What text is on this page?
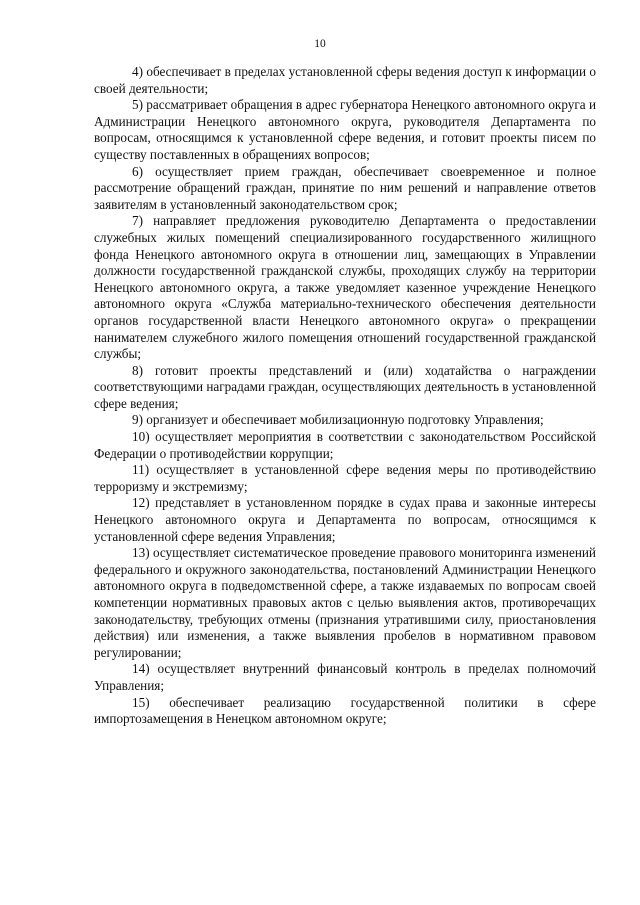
10

4) обеспечивает в пределах установленной сферы ведения доступ к информации о своей деятельности;

5) рассматривает обращения в адрес губернатора Ненецкого автономного округа и Администрации Ненецкого автономного округа, руководителя Департамента по вопросам, относящимся к установленной сфере ведения, и готовит проекты писем по существу поставленных в обращениях вопросов;

6) осуществляет прием граждан, обеспечивает своевременное и полное рассмотрение обращений граждан, принятие по ним решений и направление ответов заявителям в установленный законодательством срок;

7) направляет предложения руководителю Департамента о предоставлении служебных жилых помещений специализированного государственного жилищного фонда Ненецкого автономного округа в отношении лиц, замещающих в Управлении должности государственной гражданской службы, проходящих службу на территории Ненецкого автономного округа, а также уведомляет казенное учреждение Ненецкого автономного округа «Служба материально-технического обеспечения деятельности органов государственной власти Ненецкого автономного округа» о прекращении нанимателем служебного жилого помещения отношений государственной гражданской службы;

8) готовит проекты представлений и (или) ходатайства о награждении соответствующими наградами граждан, осуществляющих деятельность в установленной сфере ведения;

9) организует и обеспечивает мобилизационную подготовку Управления;

10) осуществляет мероприятия в соответствии с законодательством Российской Федерации о противодействии коррупции;

11) осуществляет в установленной сфере ведения меры по противодействию терроризму и экстремизму;

12) представляет в установленном порядке в судах права и законные интересы Ненецкого автономного округа и Департамента по вопросам, относящимся к установленной сфере ведения Управления;

13) осуществляет систематическое проведение правового мониторинга изменений федерального и окружного законодательства, постановлений Администрации Ненецкого автономного округа в подведомственной сфере, а также издаваемых по вопросам своей компетенции нормативных правовых актов с целью выявления актов, противоречащих законодательству, требующих отмены (признания утратившими силу, приостановления действия) или изменения, а также выявления пробелов в нормативном правовом регулировании;

14) осуществляет внутренний финансовый контроль в пределах полномочий Управления;

15) обеспечивает реализацию государственной политики в сфере импортозамещения в Ненецком автономном округе;
